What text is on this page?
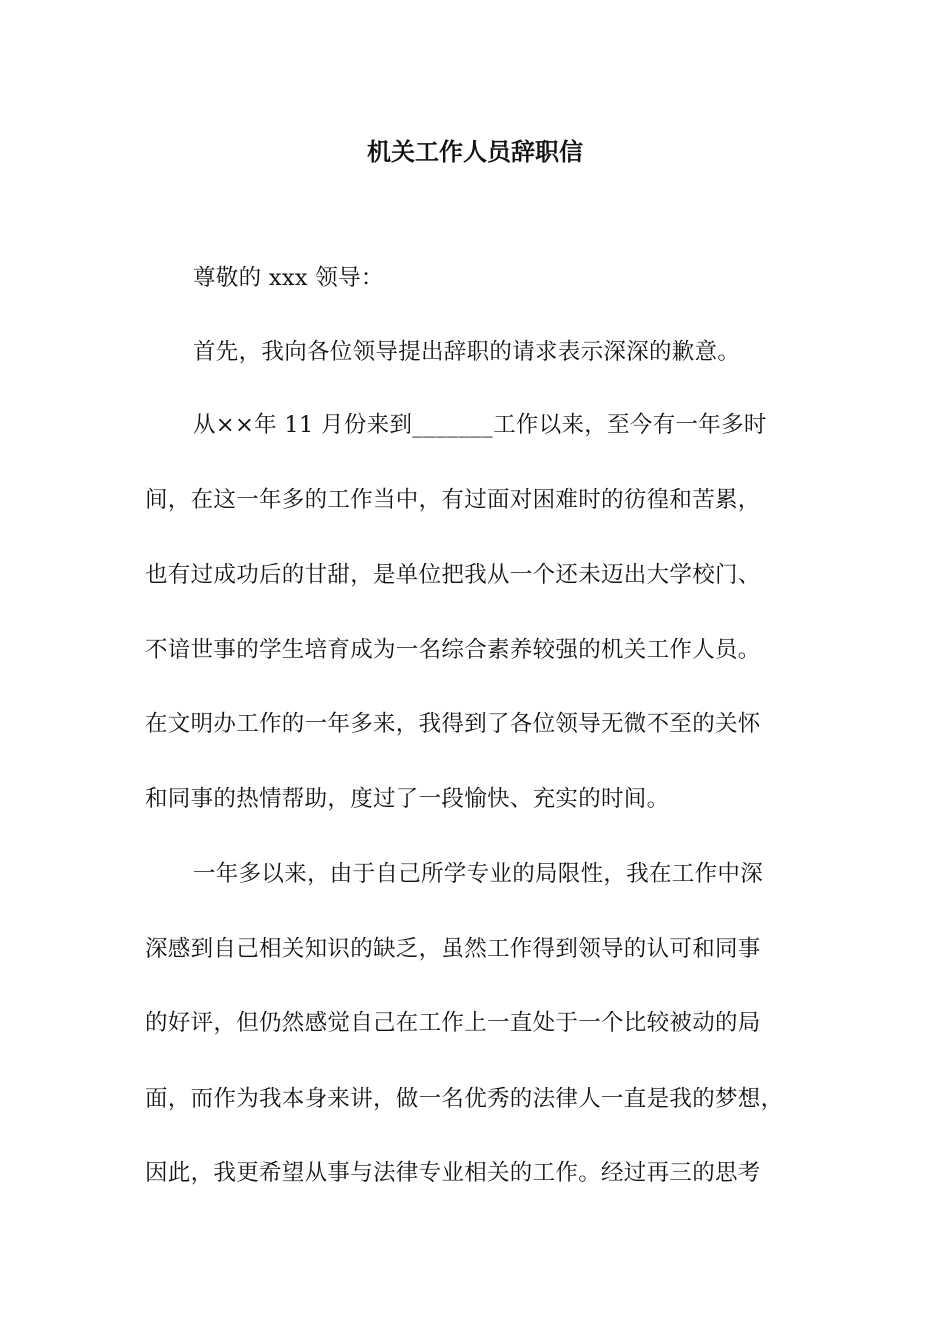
机关工作人员辞职信
尊敬的 xxx 领导：
首先，我向各位领导提出辞职的请求表示深深的歉意。
从××年 11 月份来到_______工作以来，至今有一年多时
间，在这一年多的工作当中，有过面对困难时的彷徨和苦累，
也有过成功后的甘甜，是单位把我从一个还未迈出大学校门、
不谙世事的学生培育成为一名综合素养较强的机关工作人员。
在文明办工作的一年多来，我得到了各位领导无微不至的关怀
和同事的热情帮助，度过了一段愉快、充实的时间。
一年多以来，由于自己所学专业的局限性，我在工作中深
深感到自己相关知识的缺乏，虽然工作得到领导的认可和同事
的好评，但仍然感觉自己在工作上一直处于一个比较被动的局
面，而作为我本身来讲，做一名优秀的法律人一直是我的梦想，
因此，我更希望从事与法律专业相关的工作。经过再三的思考
